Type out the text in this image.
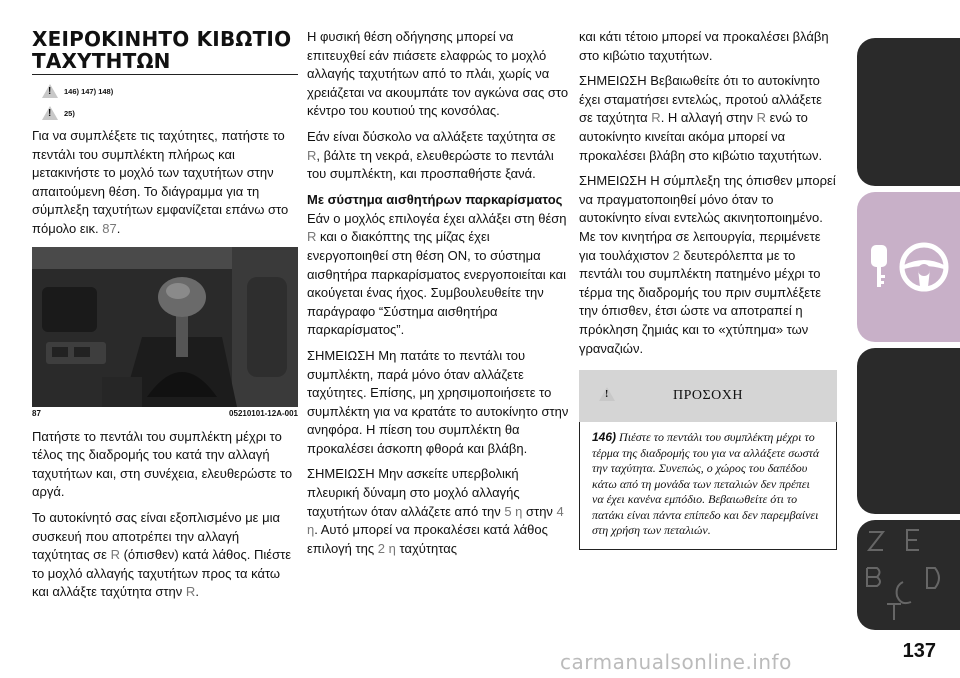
ΧΕΙΡΟΚΙΝΗΤΟ ΚΙΒΩΤΙΟ
ΤΑΧΥΤΗΤΩΝ
!
146) 147) 148)
!
25)

Για να συμπλέξετε τις ταχύτητες, πατήστε το πεντάλι του συμπλέκτη πλήρως και μετακινήστε το μοχλό των ταχυτήτων στην απαιτούμενη θέση. Το διάγραμμα για τη σύμπλεξη ταχυτήτων εμφανίζεται επάνω στο πόμολο εικ. 87.

87	05210101-12A-001

Πατήστε το πεντάλι του συμπλέκτη μέχρι το τέλος της διαδρομής του κατά την αλλαγή ταχυτήτων και, στη συνέχεια, ελευθερώστε το αργά.

Το αυτοκίνητό σας είναι εξοπλισμένο με μια συσκευή που αποτρέπει την αλλαγή ταχύτητας σε R (όπισθεν) κατά λάθος. Πιέστε το μοχλό αλλαγής ταχυτήτων προς τα κάτω και αλλάξτε ταχύτητα στην R.

Η φυσική θέση οδήγησης μπορεί να επιτευχθεί εάν πιάσετε ελαφρώς το μοχλό αλλαγής ταχυτήτων από το πλάι, χωρίς να χρειάζεται να ακουμπάτε τον αγκώνα σας στο κέντρο του κουτιού της κονσόλας.

Εάν είναι δύσκολο να αλλάξετε ταχύτητα σε R, βάλτε τη νεκρά, ελευθερώστε το πεντάλι του συμπλέκτη, και προσπαθήστε ξανά.

Με σύστημα αισθητήρων παρκαρίσματος

Εάν ο μοχλός επιλογέα έχει αλλάξει στη θέση R και ο διακόπτης της μίζας έχει ενεργοποιηθεί στη θέση ON, το σύστημα αισθητήρα παρκαρίσματος ενεργοποιείται και ακούγεται ένας ήχος. Συμβουλευθείτε την παράγραφο “Σύστημα αισθητήρα παρκαρίσματος”.

ΣΗΜΕΙΩΣΗ Μη πατάτε το πεντάλι του συμπλέκτη, παρά μόνο όταν αλλάζετε ταχύτητες. Επίσης, μη χρησιμοποιήσετε το συμπλέκτη για να κρατάτε το αυτοκίνητο στην ανηφόρα. Η πίεση του συμπλέκτη θα προκαλέσει άσκοπη φθορά και βλάβη.

ΣΗΜΕΙΩΣΗ Μην ασκείτε υπερβολική πλευρική δύναμη στο μοχλό αλλαγής ταχυτήτων όταν αλλάζετε από την 5 η στην 4 η. Αυτό μπορεί να προκαλέσει κατά λάθος επιλογή της 2 η ταχύτητας

και κάτι τέτοιο μπορεί να προκαλέσει βλάβη στο κιβώτιο ταχυτήτων.

ΣΗΜΕΙΩΣΗ Βεβαιωθείτε ότι το αυτοκίνητο έχει σταματήσει εντελώς, προτού αλλάξετε σε ταχύτητα R. Η αλλαγή στην R ενώ το αυτοκίνητο κινείται ακόμα μπορεί να προκαλέσει βλάβη στο κιβώτιο ταχυτήτων.

ΣΗΜΕΙΩΣΗ Η σύμπλεξη της όπισθεν μπορεί να πραγματοποιηθεί μόνο όταν το αυτοκίνητο είναι εντελώς ακινητοποιημένο. Με τον κινητήρα σε λειτουργία, περιμένετε για τουλάχιστον 2 δευτερόλεπτα με το πεντάλι του συμπλέκτη πατημένο μέχρι το τέρμα της διαδρομής του πριν συμπλέξετε την όπισθεν, έτσι ώστε να αποτραπεί η πρόκληση ζημιάς και το «χτύπημα» των γραναζιών.

!
ΠΡΟΣΟΧΗ
146) Πιέστε το πεντάλι του συμπλέκτη μέχρι το τέρμα της διαδρομής του για να αλλάξετε σωστά την ταχύτητα. Συνεπώς, ο χώρος του δαπέδου κάτω από τη μονάδα των πεταλιών δεν πρέπει να έχει κανένα εμπόδιο. Βεβαιωθείτε ότι το πατάκι είναι πάντα επίπεδο και δεν παρεμβαίνει στη χρήση των πεταλιών.
137
carmanualsonline.info
